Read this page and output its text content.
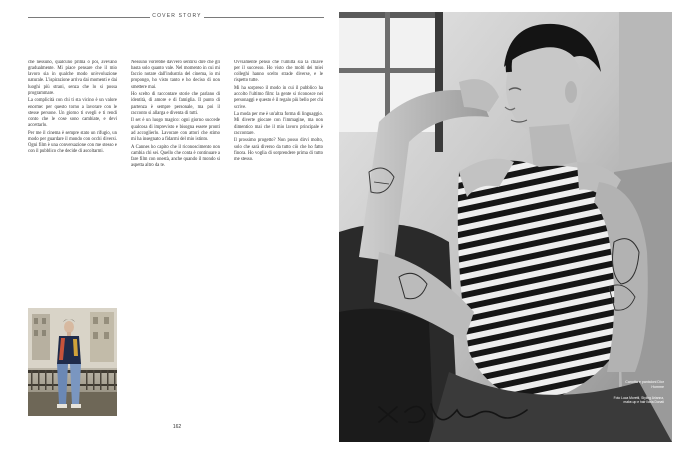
COVER STORY

che nessuno, qualcuno prima o poi, avevano gradualmente. Mi piace pensare che il mio lavoro sia in qualche modo un'evoluzione naturale. L'ispirazione arriva dai momenti e dai luoghi più strani, senza che lo si possa programmare.

La complicità con chi ti sta vicino è un valore enorme: per questo torno a lavorare con le stesse persone. Un giorno ti svegli e ti rendi conto che le cose sono cambiate, e devi accettarlo.

Per me il cinema è sempre stato un rifugio, un modo per guardare il mondo con occhi diversi. Ogni film è una conversazione con me stesso e con il pubblico che decide di ascoltarmi.

Nessuno vorrebbe davvero sentirsi dire che gli basta solo quanto vale. Nel momento in cui mi faccio notare dall'industria del cinema, io mi propongo, ho visto tanto e ho deciso di non smettere mai.

Ho scelto di raccontare storie che parlano di identità, di amore e di famiglia. Il punto di partenza è sempre personale, ma poi il racconto si allarga e diventa di tutti.

Il set è un luogo magico: ogni giorno succede qualcosa di imprevisto e bisogna essere pronti ad accoglierlo. Lavorare con attori che stimo mi ha insegnato a fidarmi del mio istinto.

A Cannes ho capito che il riconoscimento non cambia chi sei. Quello che conta è continuare a fare film con onestà, anche quando il mondo si aspetta altro da te.

Ovviamente penso che l'umiltà sia la chiave per il successo. Ho visto che molti dei miei colleghi hanno scelto strade diverse, e le rispetto tutte.

Mi ha sorpreso il modo in cui il pubblico ha accolto l'ultimo film: la gente si riconosce nei personaggi e questo è il regalo più bello per chi scrive.

La moda per me è un'altra forma di linguaggio. Mi diverte giocare con l'immagine, ma non dimentico mai che il mio lavoro principale è raccontare.

Il prossimo progetto? Non posso dirvi molto, solo che sarà diverso da tutto ciò che ho fatto finora. Ho voglia di sorprendere prima di tutto me stesso.

162
Canotta e pantaloni Dior Homme
Foto Luca Moretti, Styling Arianna, make-up e hair Ilaria Donati
